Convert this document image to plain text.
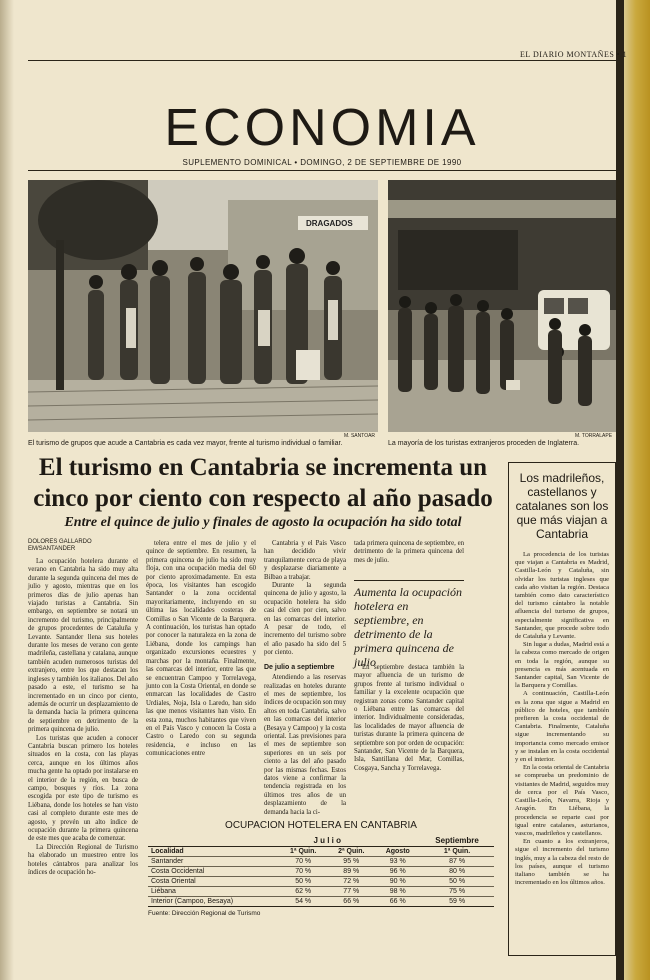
EL DIARIO MONTAÑES • 1
ECONOMIA
SUPLEMENTO DOMINICAL • DOMINGO, 2 DE SEPTIEMBRE DE 1990
DRAGADOS
M. SANTOAR
El turismo de grupos que acude a Cantabria es cada vez mayor, frente al turismo individual o familiar.
M. TORRALAPE
La mayoría de los turistas extranjeros proceden de Inglaterra.
El turismo en Cantabria se incrementa un cinco por ciento con respecto al año pasado
Entre el quince de julio y finales de agosto la ocupación ha sido total
DOLORES GALLARDO
EM/SANTANDER

La ocupación hotelera durante el verano en Cantabria ha sido muy alta durante la segunda quincena del mes de julio y agosto, mientras que en los primeros días de julio apenas han viajado turistas a Cantabria. Sin embargo, en septiembre se notará un incremento del turismo, principalmente de grupos procedentes de Cataluña y Levante. Santander llena sus hoteles durante los meses de verano con gente madrileña, castellana y catalana, aunque también acuden numerosos turistas del extranjero, entre los que destacan los ingleses y también los italianos. Del año pasado a este, el turismo se ha incrementado en un cinco por ciento, además de ocurrir un desplazamiento de la demanda hacia la primera quincena de septiembre en detrimento de la primera quincena de julio.

Los turistas que acuden a conocer Cantabria buscan primero los hoteles situados en la costa, con las playas cerca, aunque en los últimos años mucha gente ha optado por instalarse en el interior de la región, en busca de campo, bosques y ríos. La zona escogida por este tipo de turismo es Liébana, donde los hoteles se han visto casi al completo durante este mes de agosto, y prevén un alto índice de ocupación durante la primera quincena de este mes que acaba de comenzar.

La Dirección Regional de Turismo ha elaborado un muestreo entre los hoteles cántabros para analizar los índices de ocupación ho-

telera entre el mes de julio y el quince de septiembre. En resumen, la primera quincena de julio ha sido muy floja, con una ocupación media del 60 por ciento aproximadamente. En esta época, los visitantes han escogido Santander o la zona occidental mayoritariamente, incluyendo en su última las localidades costeras de Comillas o San Vicente de la Barquera. A continuación, los turistas han optado por conocer la naturaleza en la zona de Liébana, donde los campings han organizado excursiones ecuestres y marchas por la montaña. Finalmente, las comarcas del interior, entre las que se encuentran Campoo y Torrelavega, junto con la Costa Oriental, en donde se enmarcan las localidades de Castro Urdiales, Noja, Isla o Laredo, han sido las que menos visitantes han visto. En esta zona, muchos habitantes que viven en el País Vasco y conocen la Costa a Castro o Laredo con su segunda residencia, e incluso en las comunicaciones entre

Cantabria y el País Vasco han decidido vivir tranquilamente cerca de playa y desplazarse diariamente a Bilbao a trabajar.

Durante la segunda quincena de julio y agosto, la ocupación hotelera ha sido casi del cien por cien, salvo en las comarcas del interior. A pesar de todo, el incremento del turismo sobre el año pasado ha sido del 5 por ciento.

De julio a septiembre

Atendiendo a las reservas realizadas en hoteles durante el mes de septiembre, los índices de ocupación son muy altos en toda Cantabria, salvo en las comarcas del interior (Besaya y Campoo) y la costa oriental. Las previsiones para el mes de septiembre son superiores en un seis por ciento a las del año pasado por las mismas fechas. Estos datos viene a confirmar la tendencia registrada en los últimos tres años de un desplazamiento de la demanda hacia la ci-

tada primera quincena de septiembre, en detrimento de la primera quincena del mes de julio.

Aumenta la ocupación hotelera en septiembre, en detrimento de la primera quincena de julio

En septiembre destaca también la mayor afluencia de un turismo de grupos frente al turismo individual o familiar y la excelente ocupación que registran zonas como Santander capital o Liébana entre las comarcas del interior. Individualmente consideradas, las localidades de mayor afluencia de turistas durante la primera quincena de septiembre son por orden de ocupación: Santander, San Vicente de la Barquera, Isla, Santillana del Mar, Comillas, Cosgaya, Sancha y Torrelavega.

Los madrileños, castellanos y catalanes son los que más viajan a Cantabria

La procedencia de los turistas que viajan a Cantabria es Madrid, Castilla-León y Cataluña, sin olvidar los turistas ingleses que cada año visitan la región. Destaca también como dato característico del turismo cántabro la notable afluencia del turismo de grupos, especialmente significativa en Santander, que procede sobre todo de Cataluña y Levante.

Sin lugar a dudas, Madrid está a la cabeza como mercado de origen en toda la región, aunque su presencia es más acentuada en Santander capital, San Vicente de la Barquera y Comillas.

A continuación, Castilla-León es la zona que sigue a Madrid en público de hoteles, que también prefieren la costa occidental de Cantabria. Finalmente, Cataluña sigue incrementando su importancia como mercado emisor y se instalan en la costa occidental y en el interior.

En la costa oriental de Cantabria se comprueba un predominio de visitantes de Madrid, seguidos muy de cerca por el País Vasco, Castilla-León, Navarra, Rioja y Aragón. En Liébana, la procedencia se reparte casi por igual entre catalanes, asturianos, vascos, madrileños y castellanos.

En cuanto a los extranjeros, sigue el incremento del turismo inglés, muy a la cabeza del resto de los países, aunque el turismo italiano también se ha incrementado en los últimos años.

OCUPACION HOTELERA EN CANTABRIA
	J u l i o			Septiembre
Localidad	1ª Quin.	2ª Quin.	Agosto	1ª Quin.
Santander	70 %	95 %	93 %	87 %
Costa Occidental	70 %	89 %	96 %	80 %
Costa Oriental	50 %	72 %	90 %	50 %
Liébana	62 %	77 %	98 %	75 %
Interior (Campoo, Besaya)	54 %	66 %	66 %	59 %
Fuente: Dirección Regional de Turismo
